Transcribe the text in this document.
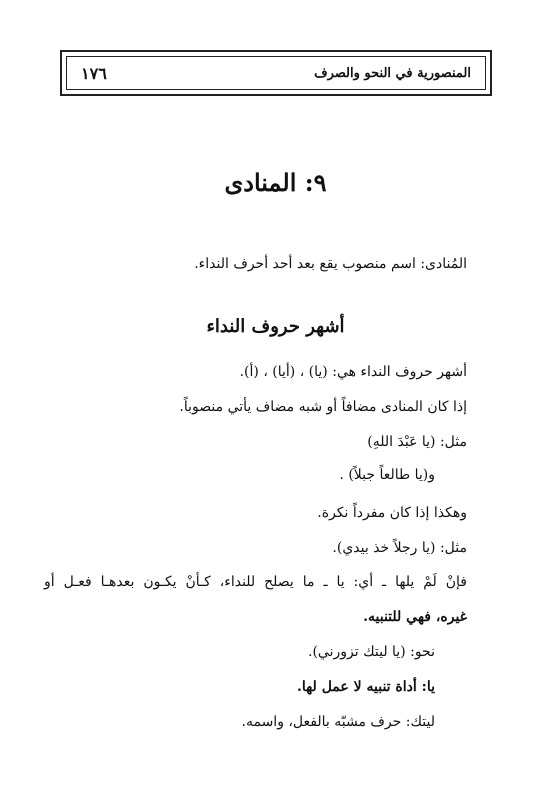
١٧٦	المنصورية في النحو والصرف
٩: المنادى
المُنادى: اسم منصوب يقع بعد أحد أحرف النداء.
أشهر حروف النداء
أشهر حروف النداء هي: (يا) ، (أيا) ، (أ).
إذا كان المنادى مضافاً أو شبه مضاف يأتي منصوباً.
مثل: (يا عَبْدَ اللهِ)
و(يا طالعاً جبلاً) .
وهكذا إذا كان مفرداً نكرة.
مثل: (يا رجلاً خذ بيدي).
فإنْ لَمْ يلها ـ أي: يا ـ ما يصلح للنداء، كـأنْ يكـون بعدهـا فعـل أو
غيره، فهي للتنبيه.
نحو: (يا ليتك تزورني).
يا: أداة تنبيه لا عمل لها.
ليتك: حرف مشبّه بالفعل، واسمه.
